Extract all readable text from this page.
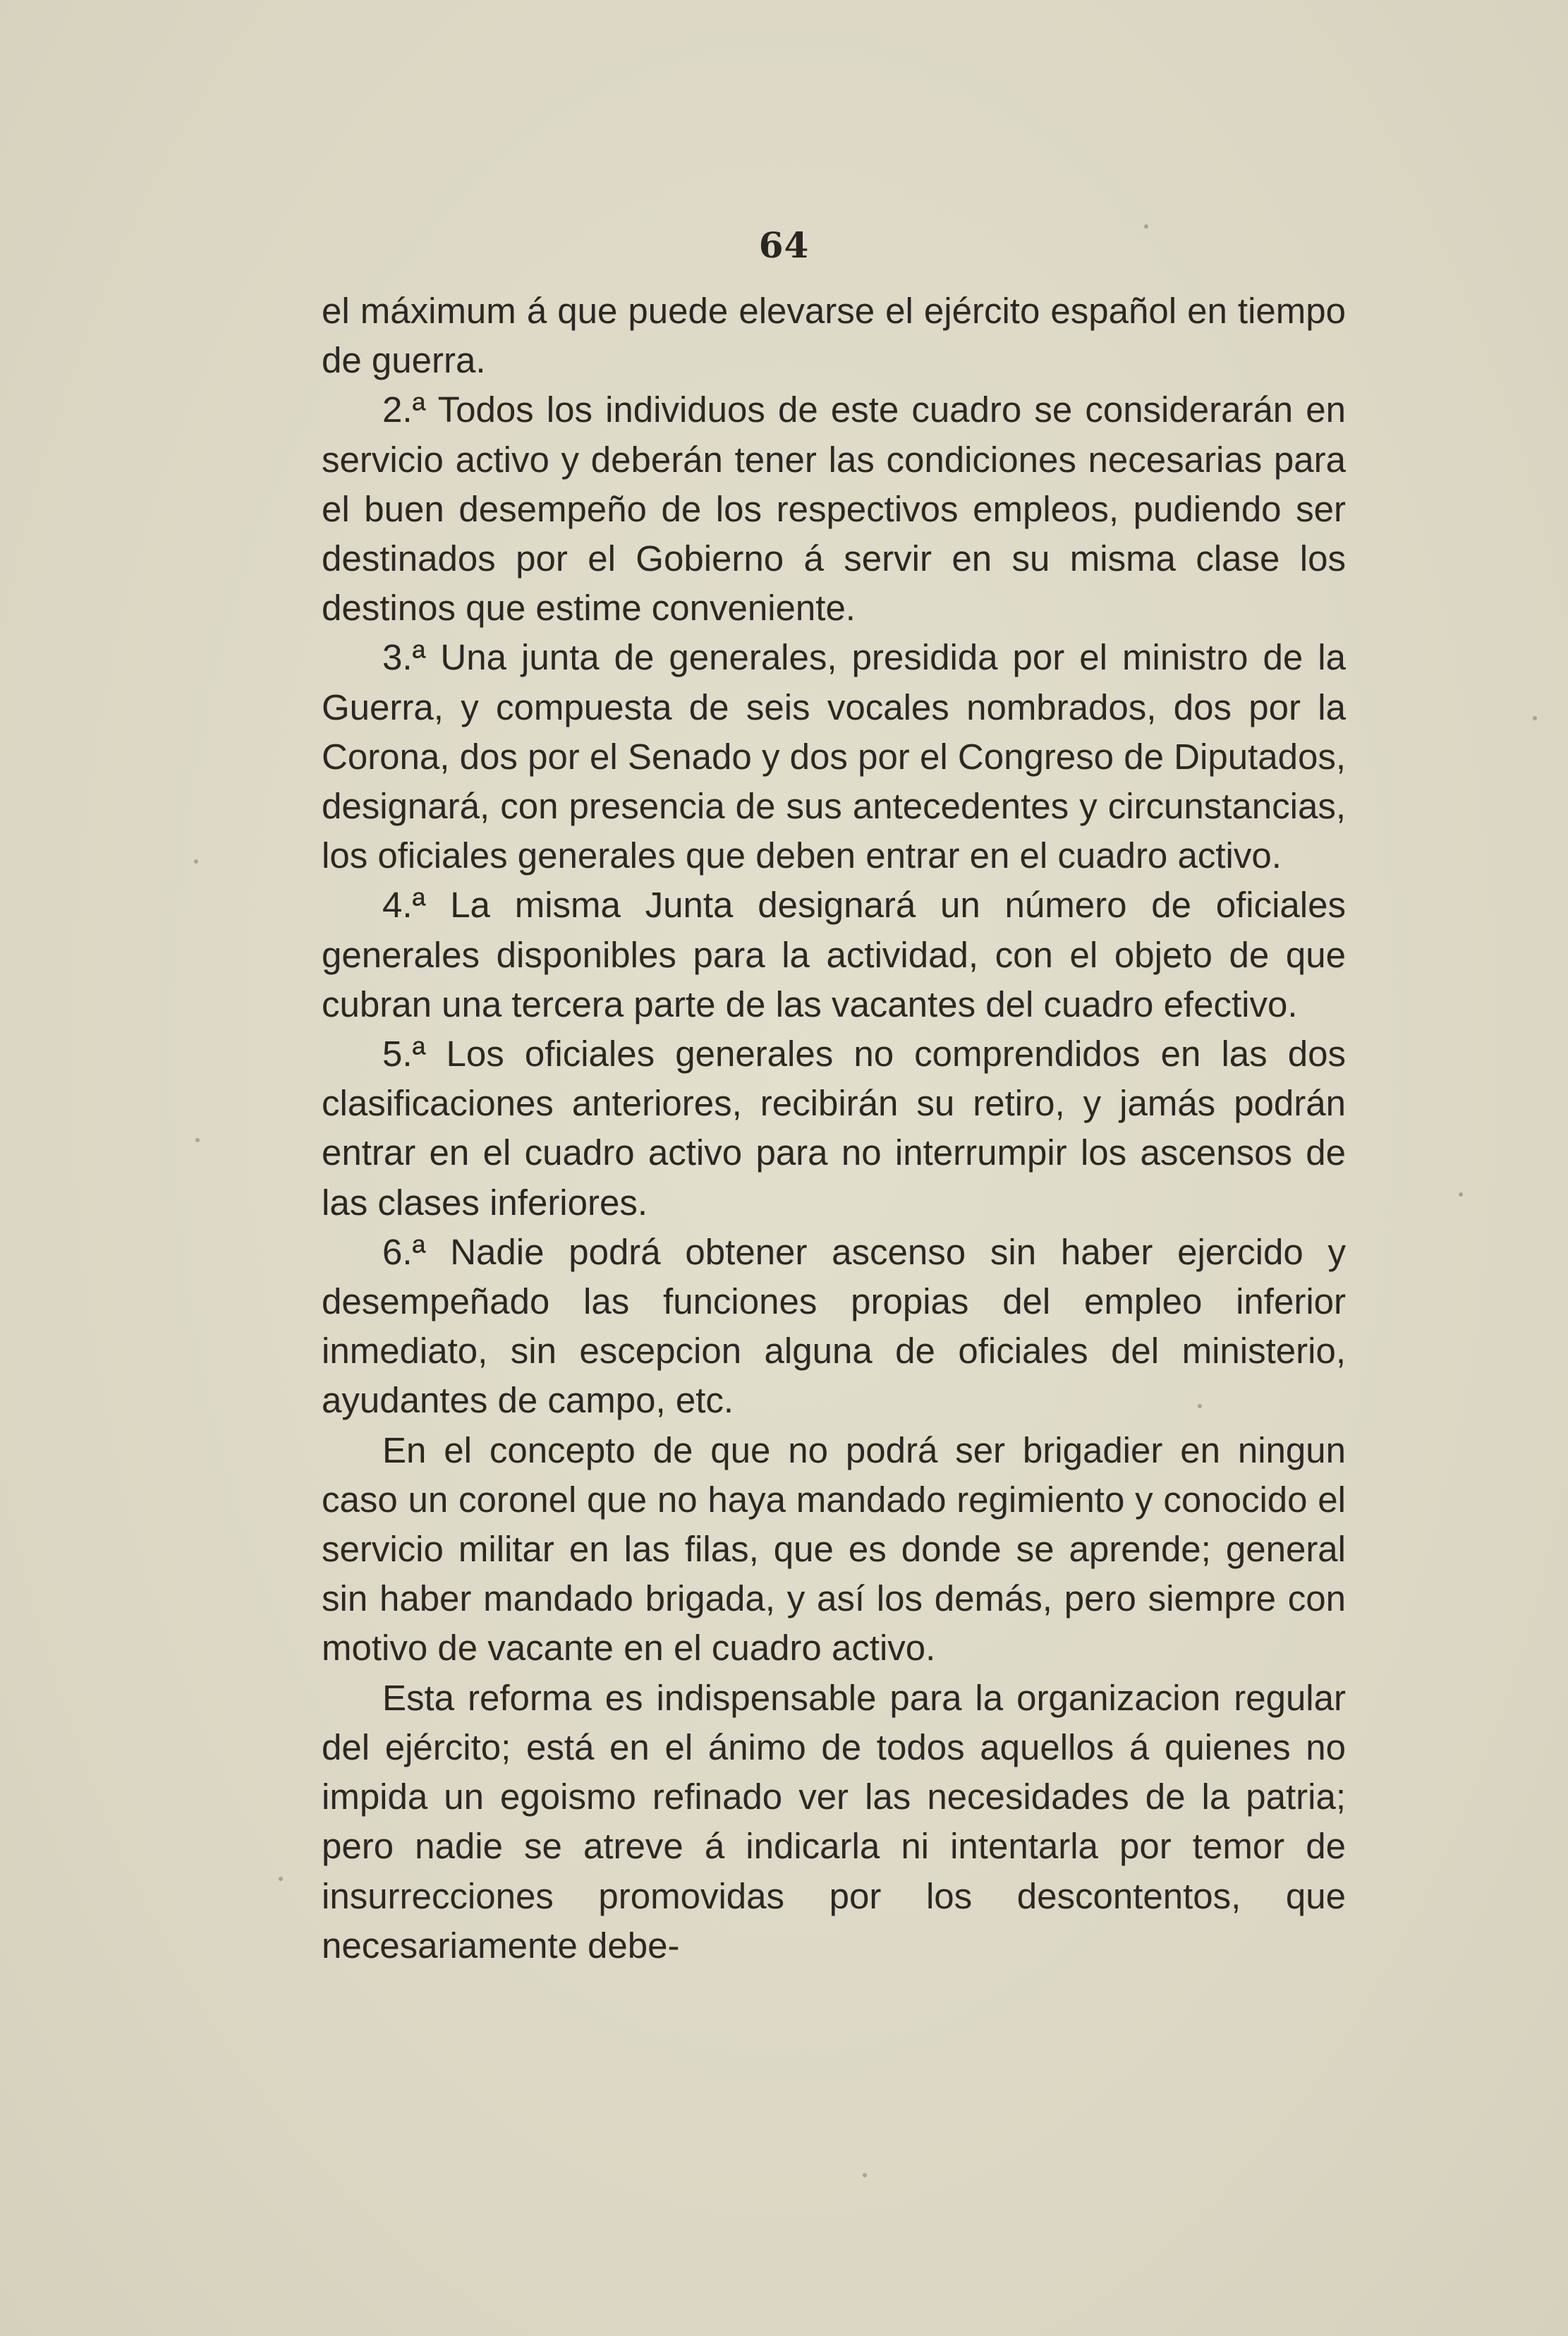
64

el máximum á que puede elevarse el ejército español en tiempo de guerra.

2.ª Todos los individuos de este cuadro se considerarán en servicio activo y deberán tener las condiciones necesarias para el buen desempeño de los respectivos empleos, pudiendo ser destinados por el Gobierno á servir en su misma clase los destinos que estime conveniente.

3.ª Una junta de generales, presidida por el ministro de la Guerra, y compuesta de seis vocales nombrados, dos por la Corona, dos por el Senado y dos por el Congreso de Diputados, designará, con presencia de sus antecedentes y circunstancias, los oficiales generales que deben entrar en el cuadro activo.

4.ª La misma Junta designará un número de oficiales generales disponibles para la actividad, con el objeto de que cubran una tercera parte de las vacantes del cuadro efectivo.

5.ª Los oficiales generales no comprendidos en las dos clasificaciones anteriores, recibirán su retiro, y jamás podrán entrar en el cuadro activo para no interrumpir los ascensos de las clases inferiores.

6.ª Nadie podrá obtener ascenso sin haber ejercido y desempeñado las funciones propias del empleo inferior inmediato, sin escepcion alguna de oficiales del ministerio, ayudantes de campo, etc.

En el concepto de que no podrá ser brigadier en ningun caso un coronel que no haya mandado regimiento y conocido el servicio militar en las filas, que es donde se aprende; general sin haber mandado brigada, y así los demás, pero siempre con motivo de vacante en el cuadro activo.

Esta reforma es indispensable para la organizacion regular del ejército; está en el ánimo de todos aquellos á quienes no impida un egoismo refinado ver las necesidades de la patria; pero nadie se atreve á indicarla ni intentarla por temor de insurrecciones promovidas por los descontentos, que necesariamente debe-
